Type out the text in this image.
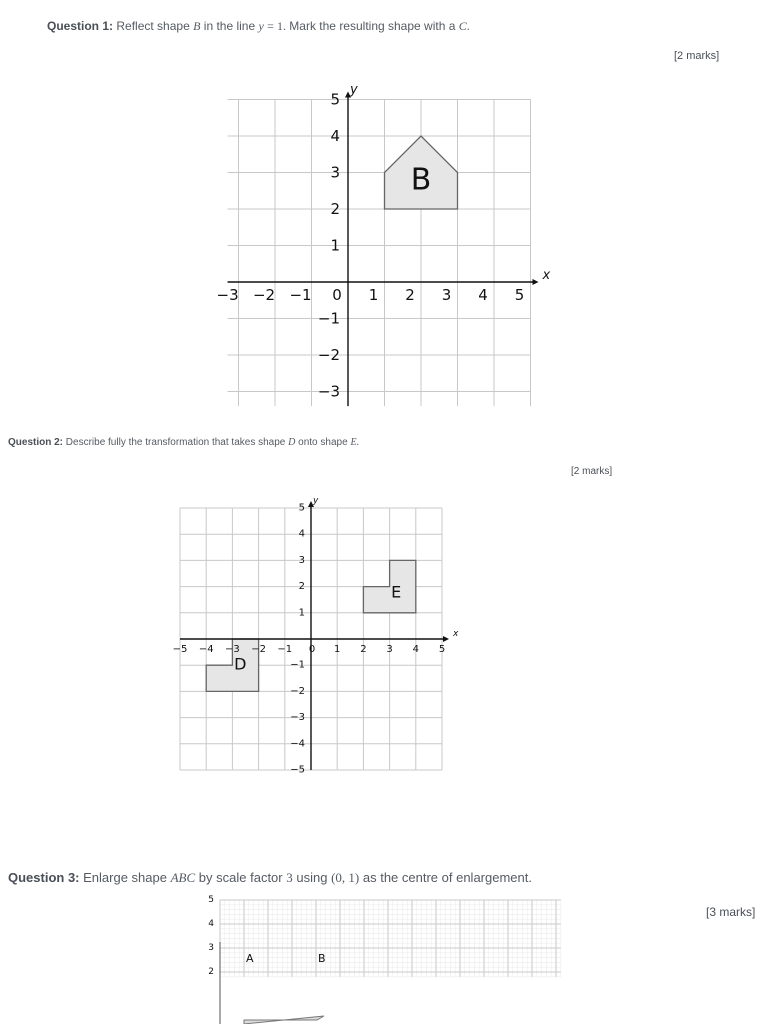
Question 1: Reflect shape B in the line y = 1. Mark the resulting shape with a C.
[2 marks]
B
x
y
−3 −2 −1 0 1 2 3 4 5
5
4
3
2
1
−1
−2
−3
Question 2: Describe fully the transformation that takes shape D onto shape E.
[2 marks]
D
E
x
y
−5 −4 −3 −2 −1 0 1 2 3 4 5
5
4
3
2
1
−1
−2
−3
−4
−5
Question 3: Enlarge shape ABC by scale factor 3 using (0, 1) as the centre of enlargement.
[3 marks]
5
4
3
2
A	B
